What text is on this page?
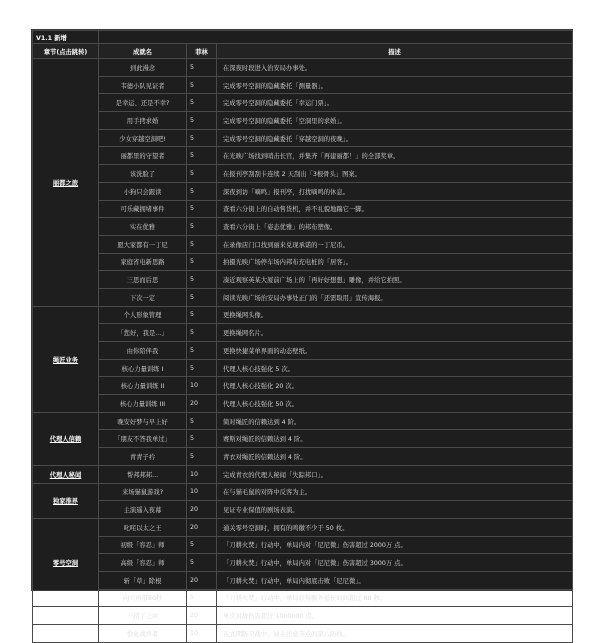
V1.1 新增			
章节(点击跳转)	成就名	菲林	描述
丽都之旅	到此漫念	5	在深夜时段进入治安局办事处。
	韦德小队见证者	5	完成零号空洞的隐藏委托「测量器」。
	是幸运、还是不幸?	5	完成零号空洞的隐藏委托「幸运门票」。
	用手拷求婚	5	完成零号空洞的隐藏委托「空洞里的求婚」。
	少女穿越空洞吧!	5	完成零号空洞的隐藏委托「穿越空洞的夜晚」。
	丽都里的守望者	5	在光映广场找到哨击长官，并集齐「再建丽都！」的全部奖章。
	该洗脸了	5	在报刊亭刮刮卡连续 2 天刮出「3根骨头」图案。
	小狗只会跟读	5	深夜到访「嘀鸣」报刊亭，打扰嘀鸣的休息。
	可乐藏拥堵事件	5	查看六分街上的自动售货机，并不礼貌地踹它一脚。
	实在优雅	5	查看六分街上「姿态优雅」的邦布塑像。
	愿大家都有一丁尼	5	在录像店门口找到丽来兑现承诺的一丁尼币。
	家庭省电新思路	5	拍摄光映广场停车场内邦布充电桩的「居客」。
	三思而后思	5	凑近观察英某大厦前广场上的「再好好想想」雕像，并给它拍照。
	下次一定	5	阅读光映广场治安局办事处正门的「还需取用」宣传海报。
绳匠业务	个人形象管理	5	更换绳网头像。
	「您好，我是...」	5	更换绳网名片。
	由你陪伴我	5	更换快捷菜单界面的动态壁纸。
	核心力量训练 I	5	代理人核心技强化 5 次。
	核心力量训练 II	10	代理人核心技强化 20 次。
	核心力量训练 III	20	代理人核心技强化 50 次。
代理人信赖	晚安好梦与早上好	5	简对绳匠的信赖达到 4 阶。
	「朋友不答我单过」	5	赛斯对绳匠的信赖达到 4 阶。
	青青子衿	5	青衣对绳匠的信赖达到 4 阶。
代理人秘闻	帮邦邦邦...	10	完成青衣的代理人秘闻「失踪邦口」。
独家推界	来场猫鼠游戏?	10	在与猫毛鼠的对阵中反客为主。
	主演遥入夜幕	20	见证专业保值的剧场表演。
零号空洞	叱咤以太之王	20	通关零号空洞时，拥有的鸣徽不少于 50 枚。
	初级「容忍」师	5	「刀耕火焚」行动中，单局内对「尼尼微」伤害超过 2000万 点。
	高级「容忍」师	5	「刀耕火焚」行动中，单局内对「尼尼微」伤害超过 3000万 点。
	斩「草」除根	20	「刀耕火焚」行动中，单局内彻底击败「尼尼微」。
	向天再借60秒	5	「刀耕火焚」行动中，单局获得额外延长时间超过 60 秒。
作战技巧	一招了之III	20	单次对敌伤害超过 1000000 点。
战斗成就	恰免战终者	10	在式期防卫战中，通关任意节点的第八防线。
